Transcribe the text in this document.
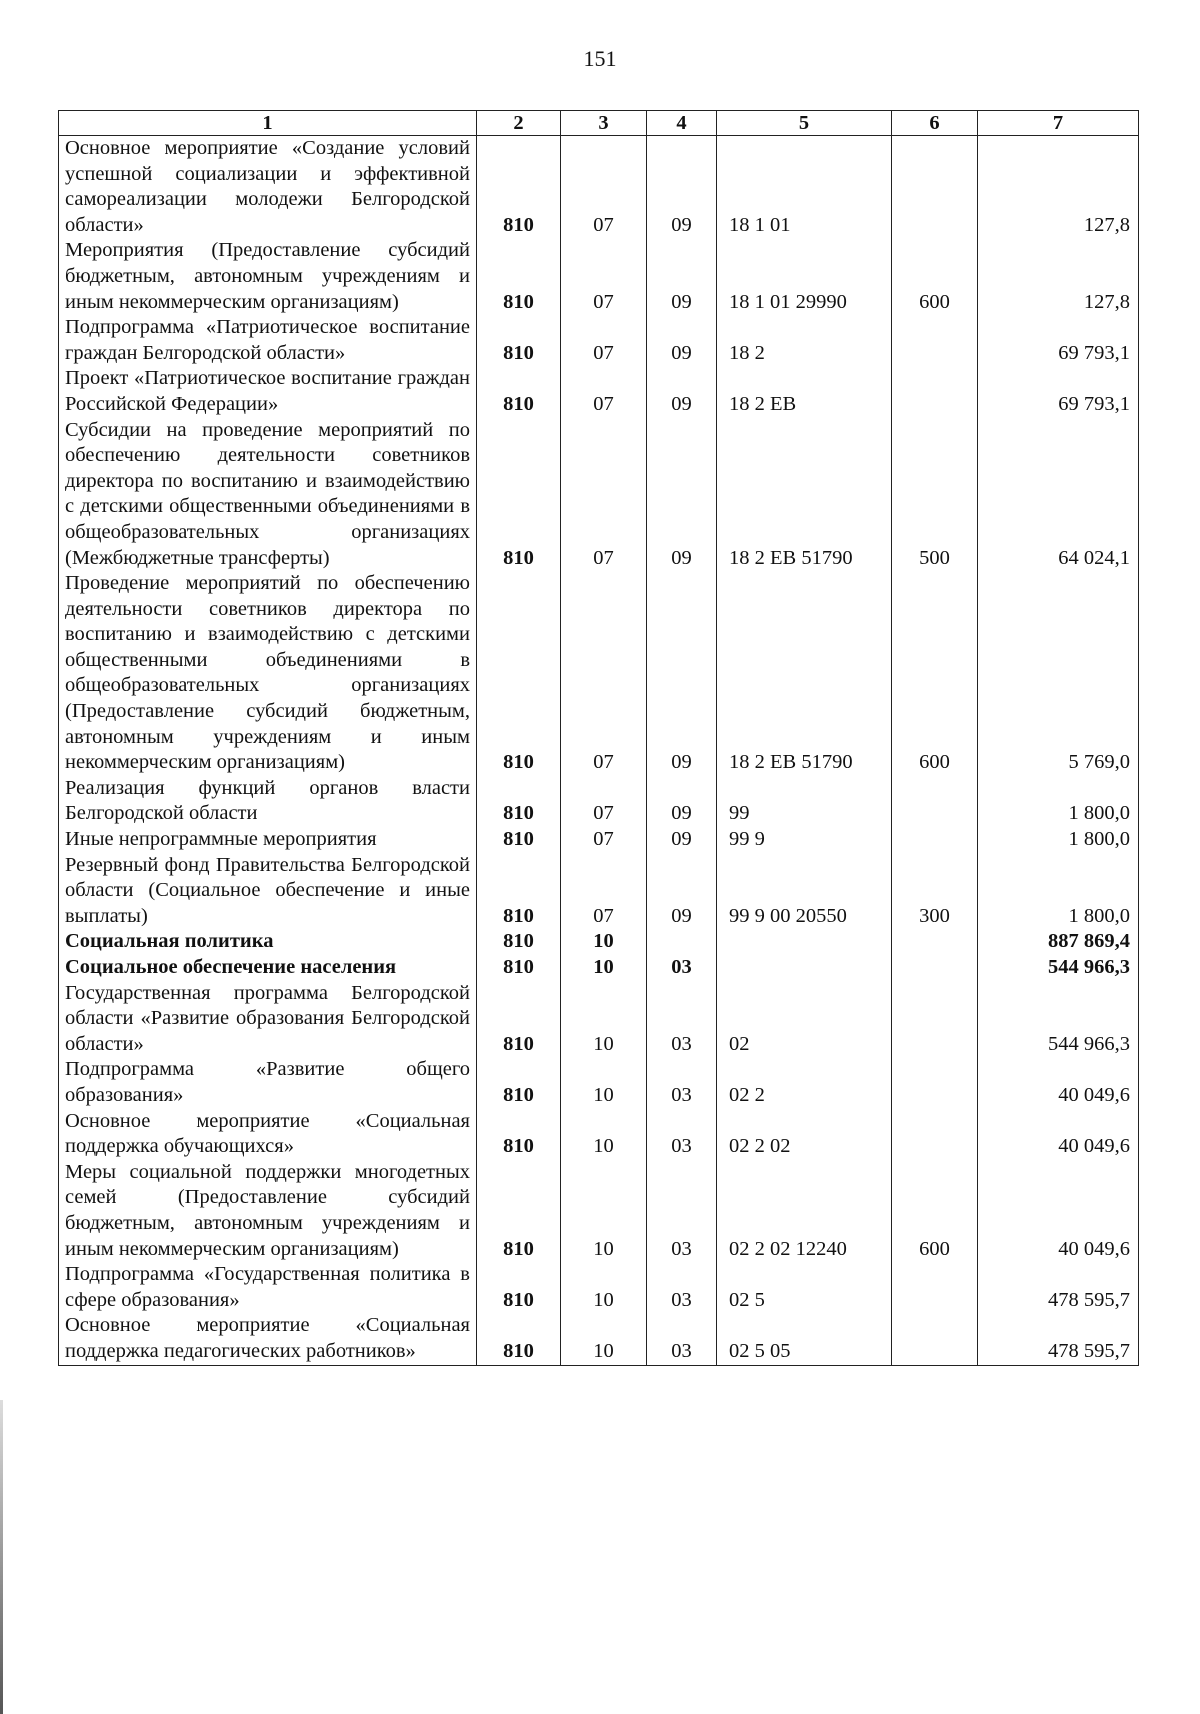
151
1	2	3	4	5	6	7
Основное мероприятие «Создание условий успешной социализации и эффективной самореализации молодежи Белгородской области»	810	07	09	18 1 01		127,8
Мероприятия (Предоставление субсидий бюджетным, автономным учреждениям и иным некоммерческим организациям)	810	07	09	18 1 01 29990	600	127,8
Подпрограмма «Патриотическое воспитание граждан Белгородской области»	810	07	09	18 2		69 793,1
Проект «Патриотическое воспитание граждан Российской Федерации»	810	07	09	18 2 EB		69 793,1
Субсидии на проведение мероприятий по обеспечению деятельности советников директора по воспитанию и взаимодействию с детскими общественными объединениями в общеобразовательных организациях (Межбюджетные трансферты)	810	07	09	18 2 EB 51790	500	64 024,1
Проведение мероприятий по обеспечению деятельности советников директора по воспитанию и взаимодействию с детскими общественными объединениями в общеобразовательных организациях (Предоставление субсидий бюджетным, автономным учреждениям и иным некоммерческим организациям)	810	07	09	18 2 EB 51790	600	5 769,0
Реализация функций органов власти Белгородской области	810	07	09	99		1 800,0
Иные непрограммные мероприятия	810	07	09	99 9		1 800,0
Резервный фонд Правительства Белгородской области (Социальное обеспечение и иные выплаты)	810	07	09	99 9 00 20550	300	1 800,0
Социальная политика	810	10				887 869,4
Социальное обеспечение населения	810	10	03			544 966,3
Государственная программа Белгородской области «Развитие образования Белгородской области»	810	10	03	02		544 966,3
Подпрограмма «Развитие общего образования»	810	10	03	02 2		40 049,6
Основное мероприятие «Социальная поддержка обучающихся»	810	10	03	02 2 02		40 049,6
Меры социальной поддержки многодетных семей (Предоставление субсидий бюджетным, автономным учреждениям и иным некоммерческим организациям)	810	10	03	02 2 02 12240	600	40 049,6
Подпрограмма «Государственная политика в сфере образования»	810	10	03	02 5		478 595,7
Основное мероприятие «Социальная поддержка педагогических работников»	810	10	03	02 5 05		478 595,7
